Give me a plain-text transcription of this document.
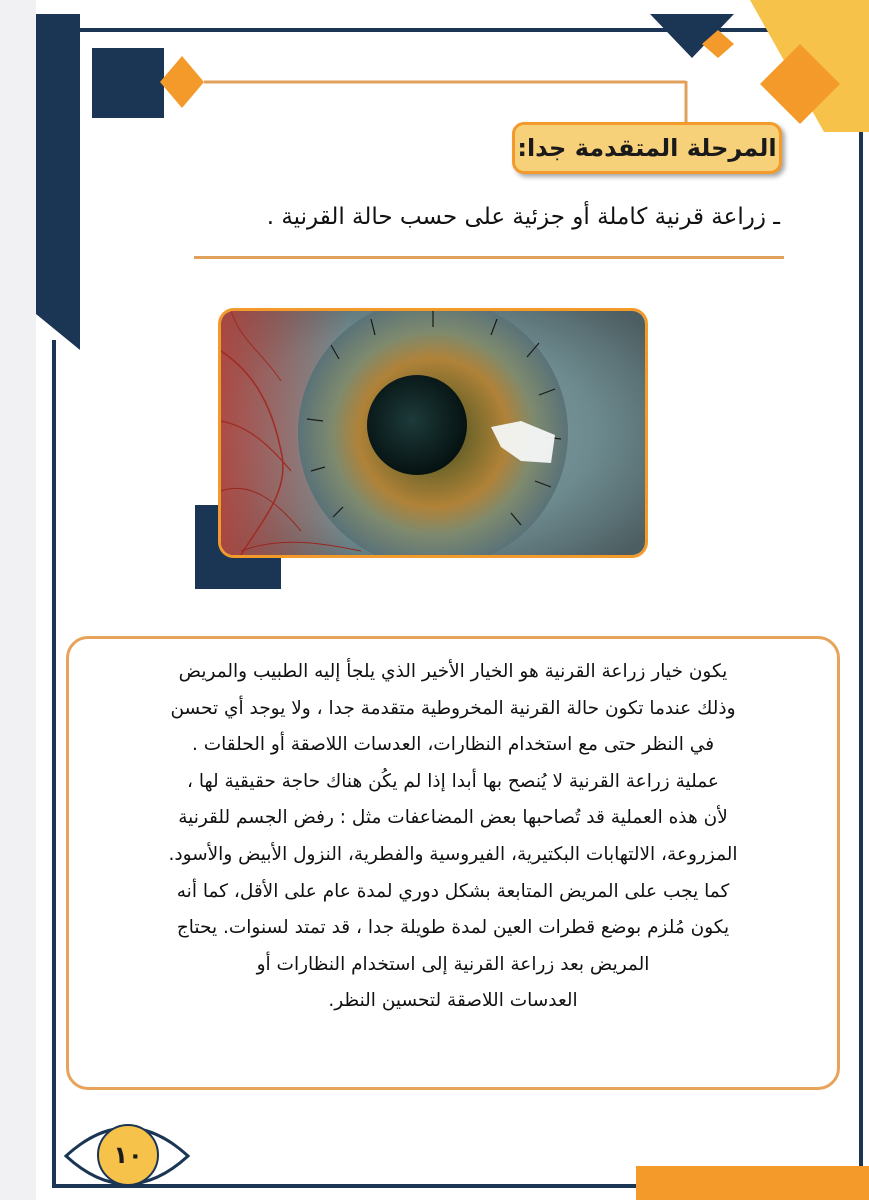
المرحلة المتقدمة جدا:
ـ زراعة قرنية كاملة أو جزئية على حسب حالة القرنية .
يكون خيار زراعة القرنية هو الخيار الأخير الذي يلجأ إليه الطبيب والمريض
وذلك عندما تكون حالة القرنية المخروطية متقدمة جدا ، ولا يوجد أي تحسن
في النظر حتى مع استخدام النظارات، العدسات اللاصقة أو الحلقات .
عملية زراعة القرنية لا يُنصح بها أبدا إذا لم يكُن هناك حاجة حقيقية لها ،
لأن هذه العملية قد تُصاحبها بعض المضاعفات مثل : رفض الجسم للقرنية
المزروعة، الالتهابات البكتيرية، الفيروسية والفطرية، النزول الأبيض والأسود.
كما يجب على المريض المتابعة بشكل دوري لمدة عام على الأقل، كما أنه
يكون مُلزم بوضع قطرات العين لمدة طويلة جدا ، قد تمتد لسنوات. يحتاج
المريض بعد زراعة القرنية إلى استخدام النظارات أو
العدسات اللاصقة لتحسين النظر.
١٠
